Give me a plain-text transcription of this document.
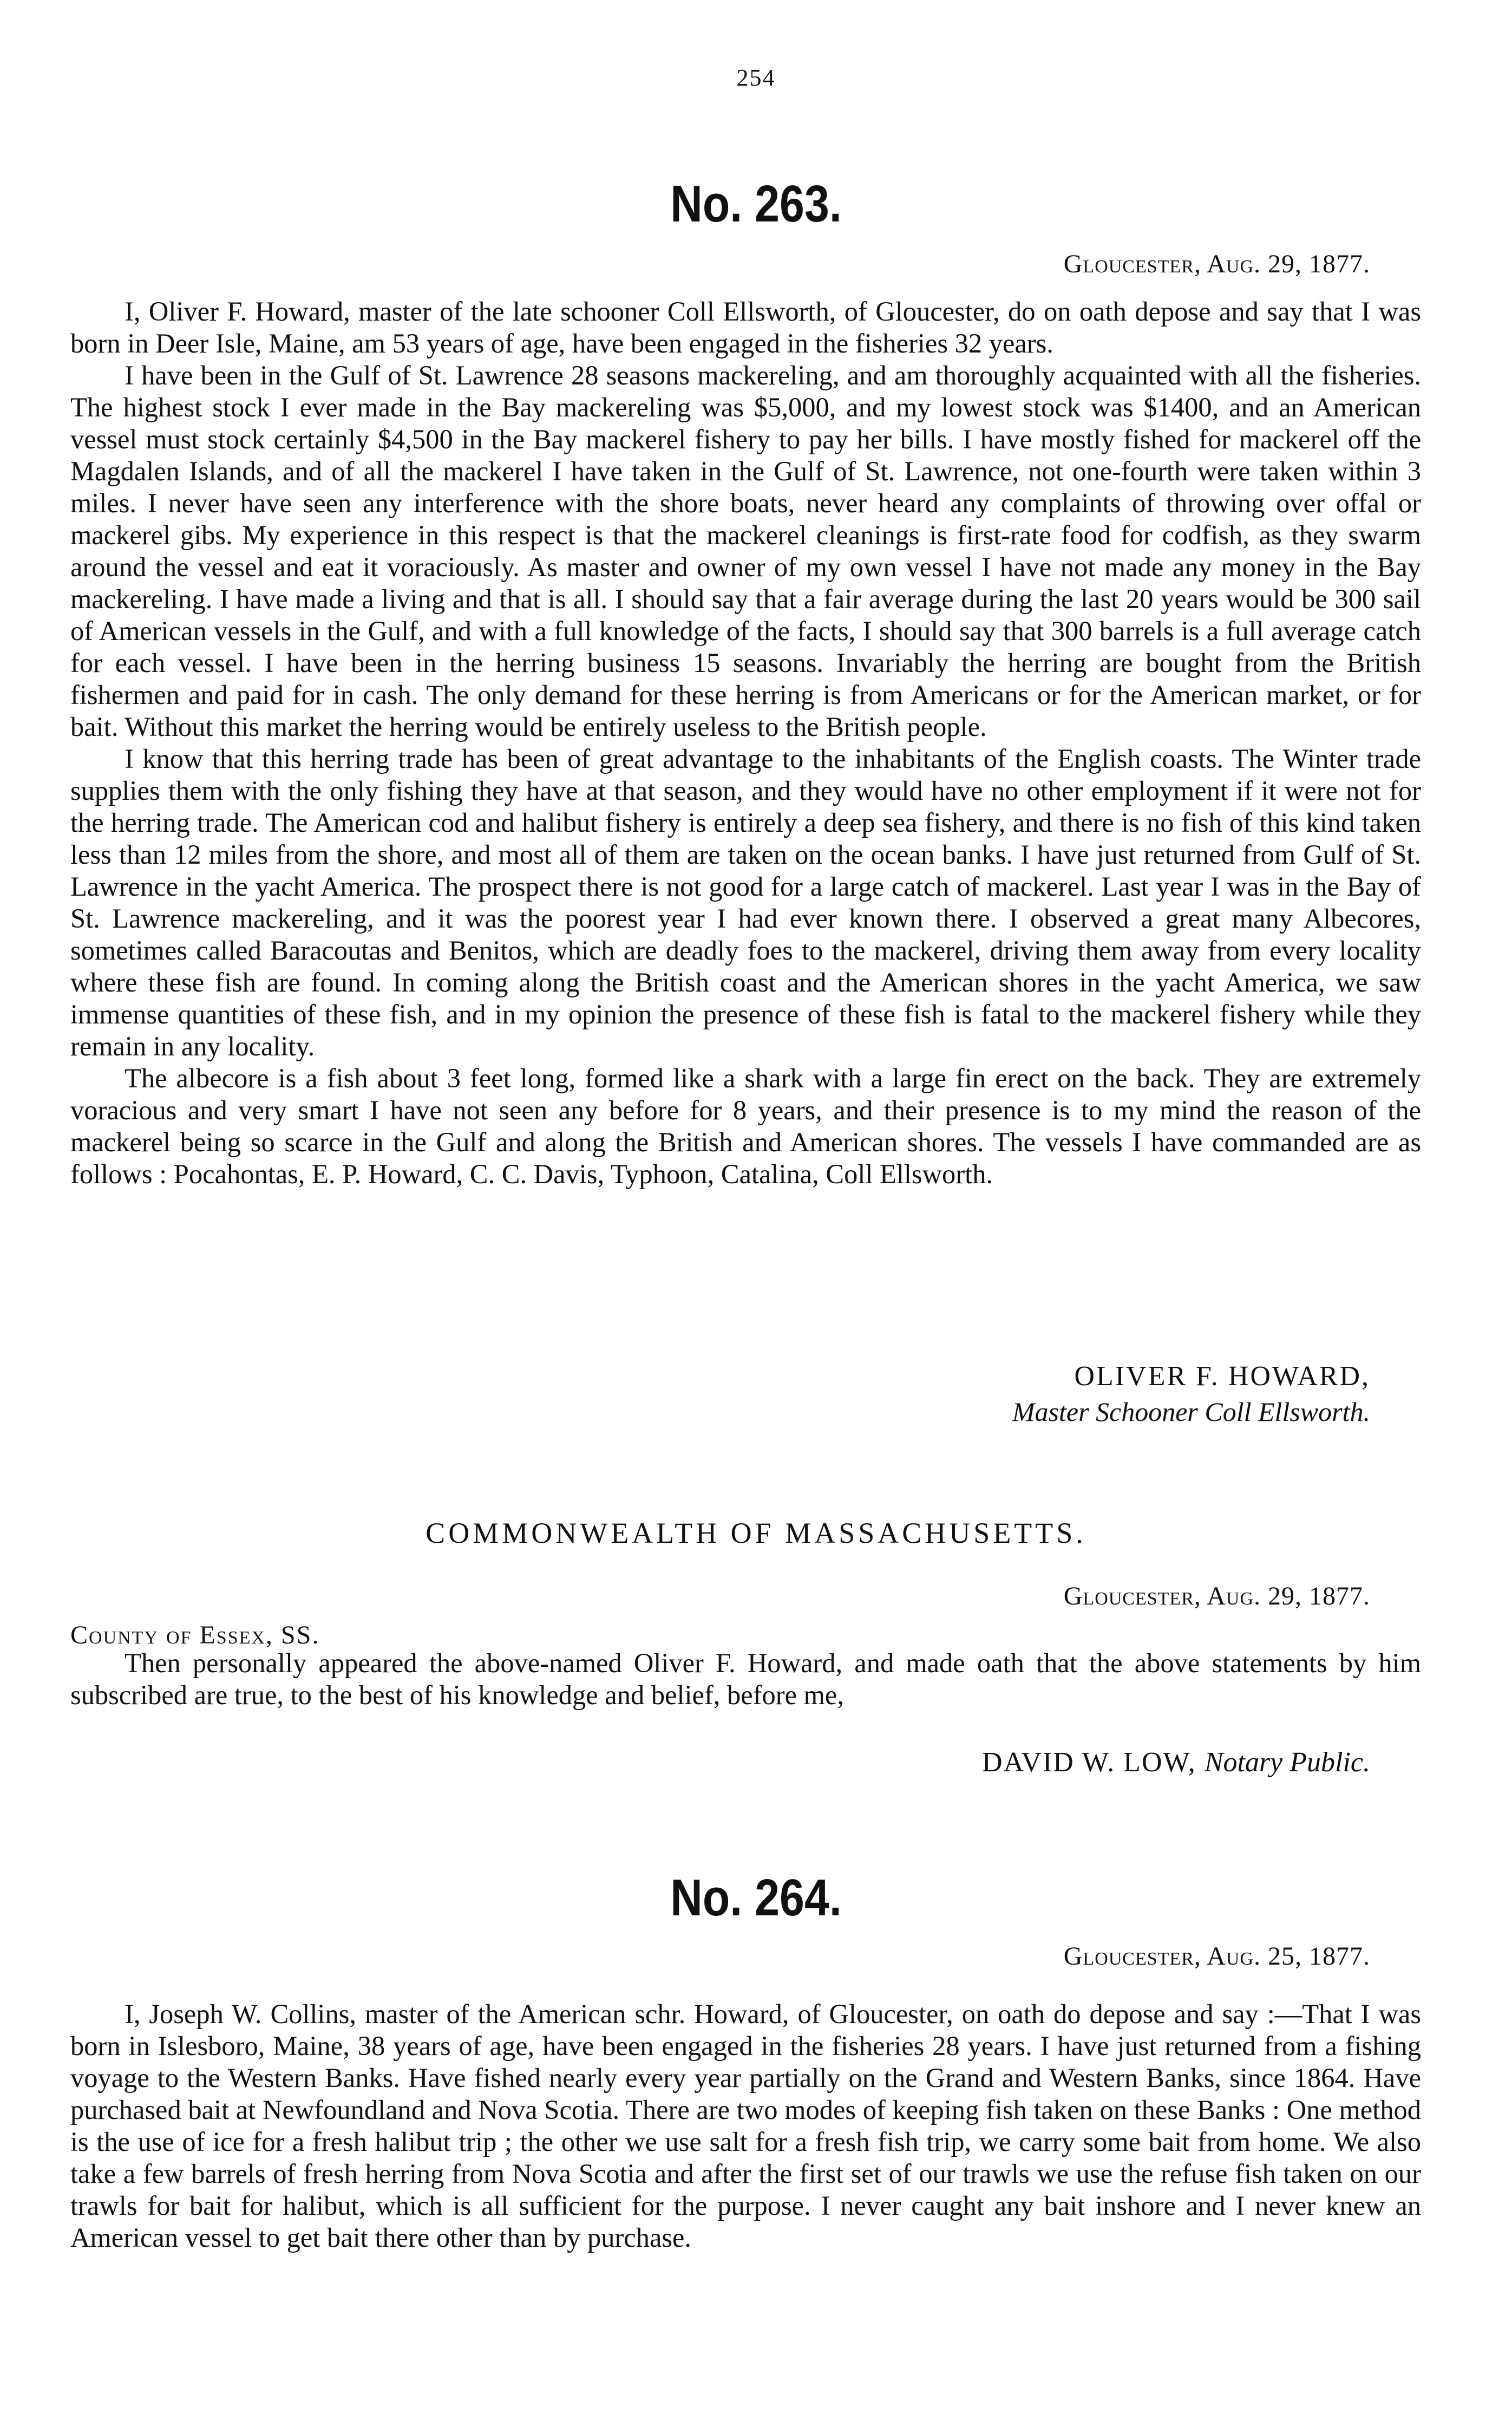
254
No. 263.
Gloucester, Aug. 29, 1877.

I, Oliver F. Howard, master of the late schooner Coll Ellsworth, of Gloucester, do on oath depose and say that I was born in Deer Isle, Maine, am 53 years of age, have been engaged in the fisheries 32 years.

I have been in the Gulf of St. Lawrence 28 seasons mackereling, and am thoroughly acquainted with all the fisheries. The highest stock I ever made in the Bay mackereling was $5,000, and my lowest stock was $1400, and an American vessel must stock certainly $4,500 in the Bay mackerel fishery to pay her bills. I have mostly fished for mackerel off the Magdalen Islands, and of all the mackerel I have taken in the Gulf of St. Lawrence, not one-fourth were taken within 3 miles. I never have seen any interference with the shore boats, never heard any complaints of throwing over offal or mackerel gibs. My experience in this respect is that the mackerel cleanings is first-rate food for codfish, as they swarm around the vessel and eat it voraciously. As master and owner of my own vessel I have not made any money in the Bay mackereling. I have made a living and that is all. I should say that a fair average during the last 20 years would be 300 sail of American vessels in the Gulf, and with a full knowledge of the facts, I should say that 300 barrels is a full average catch for each vessel. I have been in the herring business 15 seasons. Invariably the herring are bought from the British fishermen and paid for in cash. The only demand for these herring is from Americans or for the American market, or for bait. Without this market the herring would be entirely useless to the British people.

I know that this herring trade has been of great advantage to the inhabitants of the English coasts. The Winter trade supplies them with the only fishing they have at that season, and they would have no other employment if it were not for the herring trade. The American cod and halibut fishery is entirely a deep sea fishery, and there is no fish of this kind taken less than 12 miles from the shore, and most all of them are taken on the ocean banks. I have just returned from Gulf of St. Lawrence in the yacht America. The prospect there is not good for a large catch of mackerel. Last year I was in the Bay of St. Lawrence mackereling, and it was the poorest year I had ever known there. I observed a great many Albecores, sometimes called Baracoutas and Benitos, which are deadly foes to the mackerel, driving them away from every locality where these fish are found. In coming along the British coast and the American shores in the yacht America, we saw immense quantities of these fish, and in my opinion the presence of these fish is fatal to the mackerel fishery while they remain in any locality.

The albecore is a fish about 3 feet long, formed like a shark with a large fin erect on the back. They are extremely voracious and very smart I have not seen any before for 8 years, and their presence is to my mind the reason of the mackerel being so scarce in the Gulf and along the British and American shores. The vessels I have commanded are as follows : Pocahontas, E. P. Howard, C. C. Davis, Typhoon, Catalina, Coll Ellsworth.

OLIVER F. HOWARD,
Master Schooner Coll Ellsworth.
COMMONWEALTH OF MASSACHUSETTS.
Gloucester, Aug. 29, 1877.
County of Essex, SS.

Then personally appeared the above-named Oliver F. Howard, and made oath that the above statements by him subscribed are true, to the best of his knowledge and belief, before me,

DAVID W. LOW, Notary Public.
No. 264.
Gloucester, Aug. 25, 1877.

I, Joseph W. Collins, master of the American schr. Howard, of Gloucester, on oath do depose and say :—That I was born in Islesboro, Maine, 38 years of age, have been engaged in the fisheries 28 years. I have just returned from a fishing voyage to the Western Banks. Have fished nearly every year partially on the Grand and Western Banks, since 1864. Have purchased bait at Newfoundland and Nova Scotia. There are two modes of keeping fish taken on these Banks : One method is the use of ice for a fresh halibut trip ; the other we use salt for a fresh fish trip, we carry some bait from home. We also take a few barrels of fresh herring from Nova Scotia and after the first set of our trawls we use the refuse fish taken on our trawls for bait for halibut, which is all sufficient for the purpose. I never caught any bait inshore and I never knew an American vessel to get bait there other than by purchase.
